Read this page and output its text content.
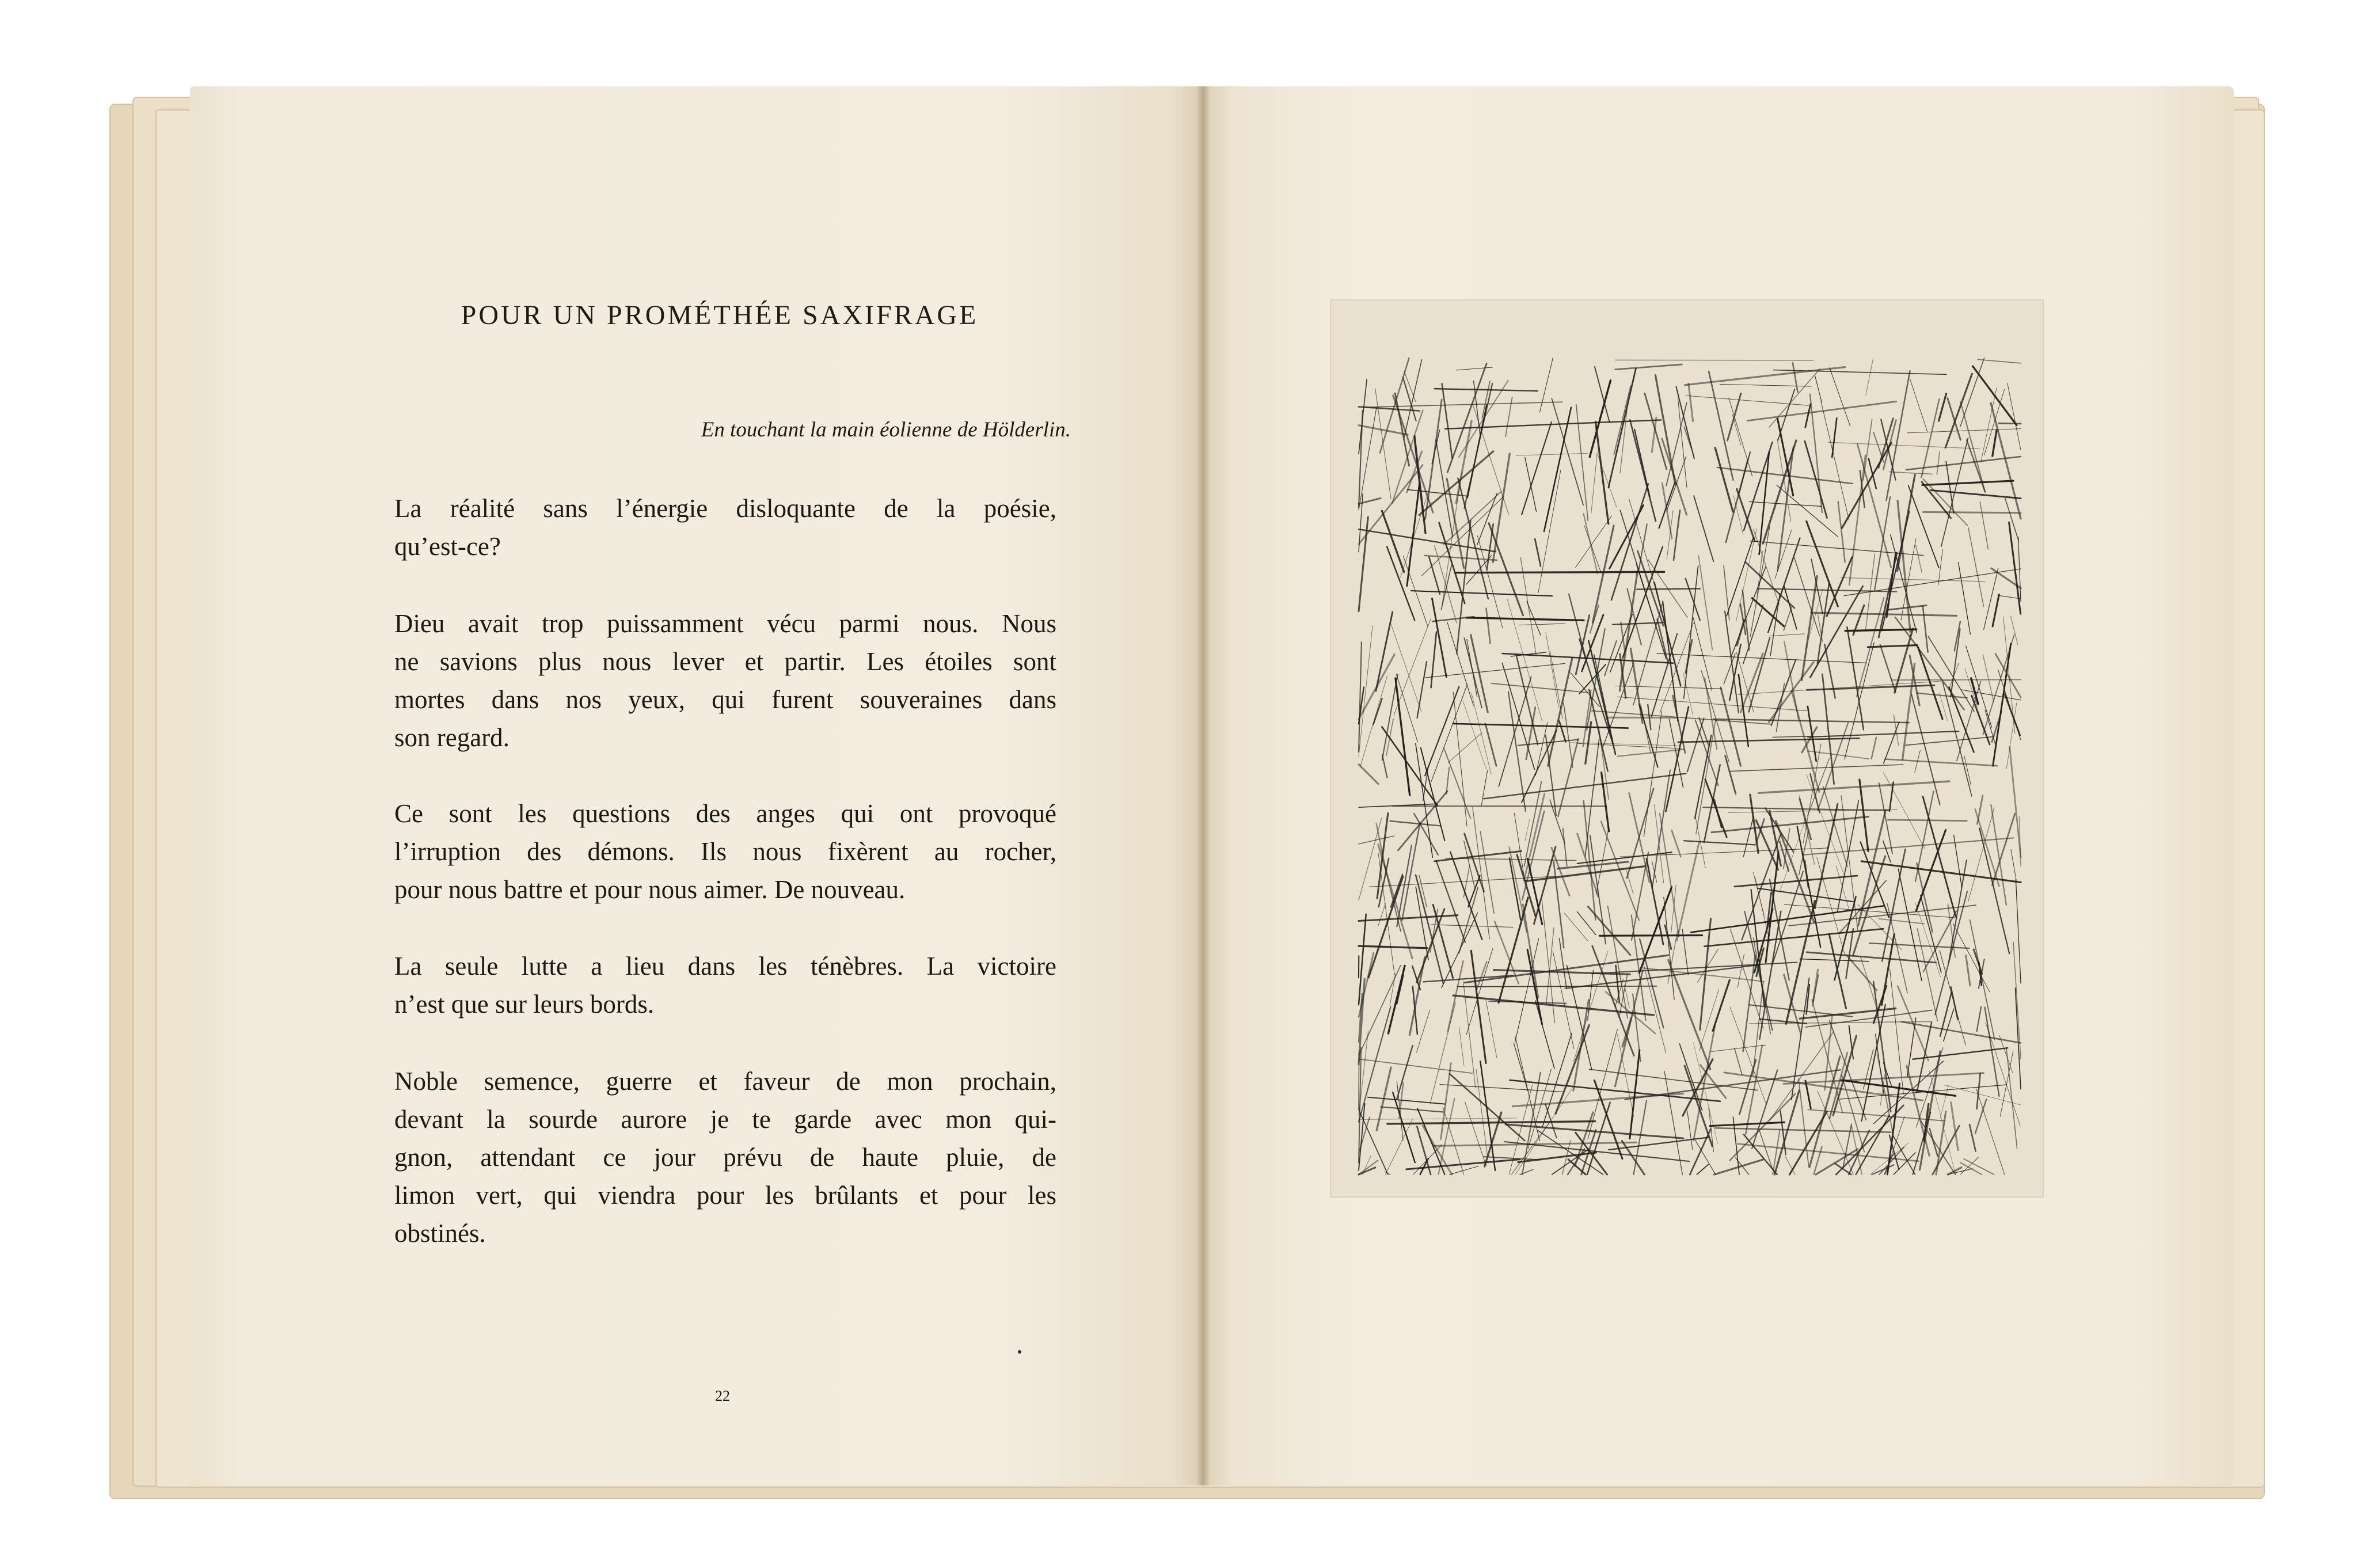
POUR UN PROMÉTHÉE SAXIFRAGE
En touchant la main éolienne de Hölderlin.
La réalité sans l’énergie disloquante de la poésie,
qu’est-ce?
Dieu avait trop puissamment vécu parmi nous. Nous
ne savions plus nous lever et partir. Les étoiles sont
mortes dans nos yeux, qui furent souveraines dans
son regard.
Ce sont les questions des anges qui ont provoqué
l’irruption des démons. Ils nous fixèrent au rocher,
pour nous battre et pour nous aimer. De nouveau.
La seule lutte a lieu dans les ténèbres. La victoire
n’est que sur leurs bords.
Noble semence, guerre et faveur de mon prochain,
devant la sourde aurore je te garde avec mon qui-
gnon, attendant ce jour prévu de haute pluie, de
limon vert, qui viendra pour les brûlants et pour les
obstinés.
22
